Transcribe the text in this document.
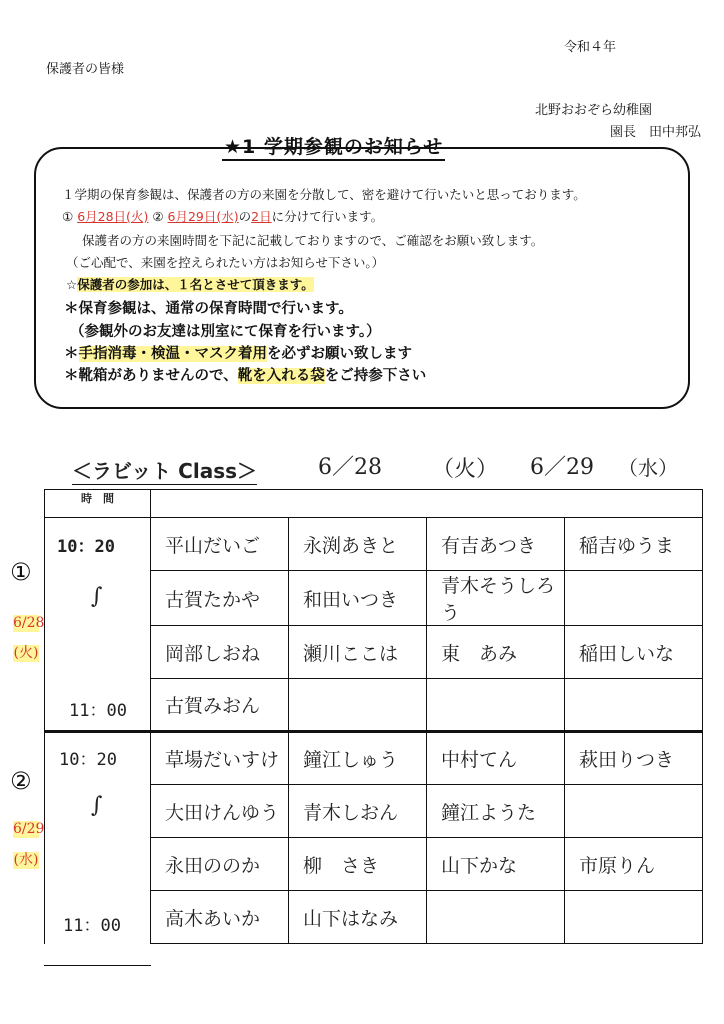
令和４年
保護者の皆様
北野おおぞら幼稚園
園長　田中邦弘
★1 学期参観のお知らせ
１学期の保育参観は、保護者の方の来園を分散して、密を避けて行いたいと思っております。
① 6月28日(火) ② 6月29日(水)の2日に分けて行います。
保護者の方の来園時間を下記に記載しておりますので、ご確認をお願い致します。
（ご心配で、来園を控えられたい方はお知らせ下さい。）
☆保護者の参加は、１名とさせて頂きます。
＊保育参観は、通常の保育時間で行います。
（参観外のお友達は別室にて保育を行います。）
＊手指消毒・検温・マスク着用を必ずお願い致します
＊靴箱がありませんので、靴を入れる袋をご持参下さい
＜ラビット Class＞	6／28 （火） 6／29 （水）
①
6/28
(火)
②
6/29
(水)
時　間				

10：20
∫
11：00	平山だいご	永渕あきと	有吉あつき	稲吉ゆうま
	古賀たかや	和田いつき	青木そうしろう	
	岡部しおね	瀬川ここは	東　あみ	稲田しいな
	古賀みおん			

10：20
∫
11：00	草場だいすけ	鐘江しゅう	中村てん	萩田りつき
	大田けんゆう	青木しおん	鐘江ようた	
	永田ののか	柳　さき	山下かな	市原りん
	高木あいか	山下はなみ		
